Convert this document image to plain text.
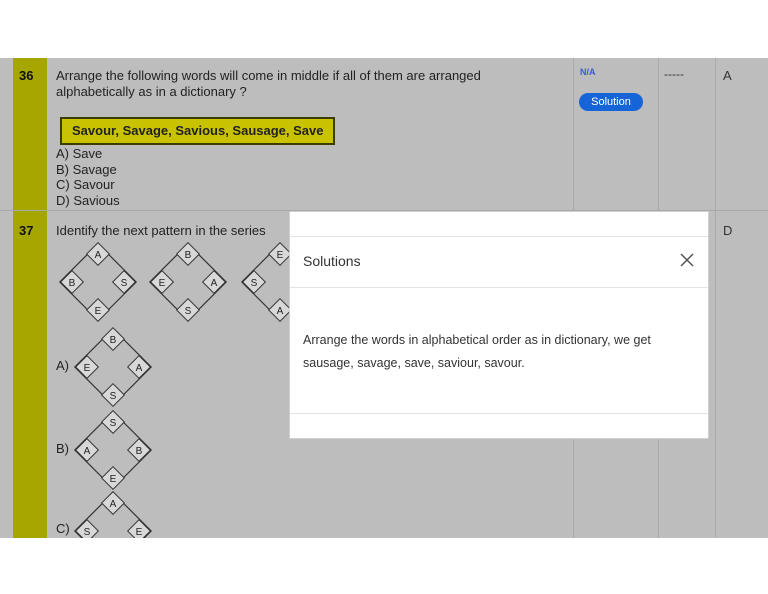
36 Arrange the following words will come in middle if all of them are arranged alphabetically as in a dictionary ?
Savour, Savage, Savious, Sausage, Save
A) Save
B) Savage
C) Savour
D) Savious
N/A
Solution
-----	A
37 Identify the next pattern in the series	D
A
B	S
E
B
E	A
S
E
S
A
A)
B
E	A
S
B)
S
A	B
E
C)
A
S	E
Solutions
Arrange the words in alphabetical order as in dictionary, we get sausage, savage, save, saviour, savour.
